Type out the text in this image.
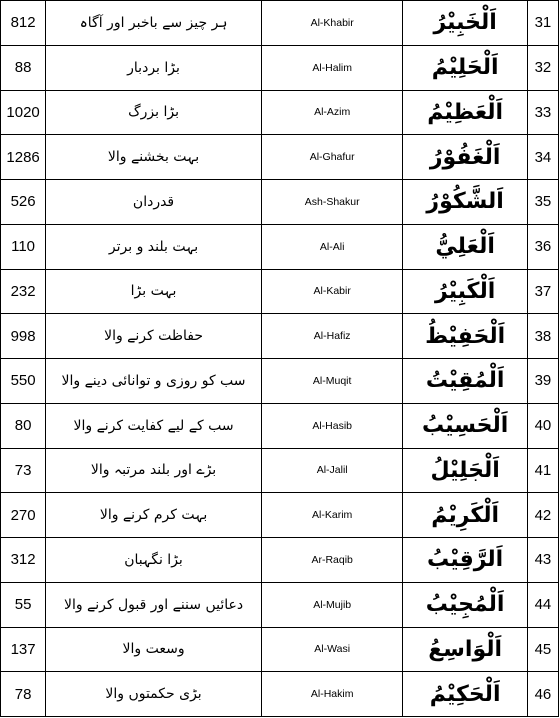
812	ہر چیز سے باخبر اور آگاہ	Al-Khabir	اَلْخَبِيْرُ	31
88	بڑا بردبار	Al-Halim	اَلْحَلِيْمُ	32
1020	بڑا بزرگ	Al-Azim	اَلْعَظِيْمُ	33
1286	بہت بخشنے والا	Al-Ghafur	اَلْغَفُوْرُ	34
526	قدردان	Ash-Shakur	اَلشَّكُوْرُ	35
110	بہت بلند و برتر	Al-Ali	اَلْعَلِيُّ	36
232	بہت بڑا	Al-Kabir	اَلْكَبِيْرُ	37
998	حفاظت کرنے والا	Al-Hafiz	اَلْحَفِيْظُ	38
550	سب کو روزی و توانائی دینے والا	Al-Muqit	اَلْمُقِيْتُ	39
80	سب کے لیے کفایت کرنے والا	Al-Hasib	اَلْحَسِيْبُ	40
73	بڑے اور بلند مرتبہ والا	Al-Jalil	اَلْجَلِيْلُ	41
270	بہت کرم کرنے والا	Al-Karim	اَلْكَرِيْمُ	42
312	بڑا نگہبان	Ar-Raqib	اَلرَّقِيْبُ	43
55	دعائیں سننے اور قبول کرنے والا	Al-Mujib	اَلْمُجِيْبُ	44
137	وسعت والا	Al-Wasi	اَلْوَاسِعُ	45
78	بڑی حکمتوں والا	Al-Hakim	اَلْحَكِيْمُ	46
